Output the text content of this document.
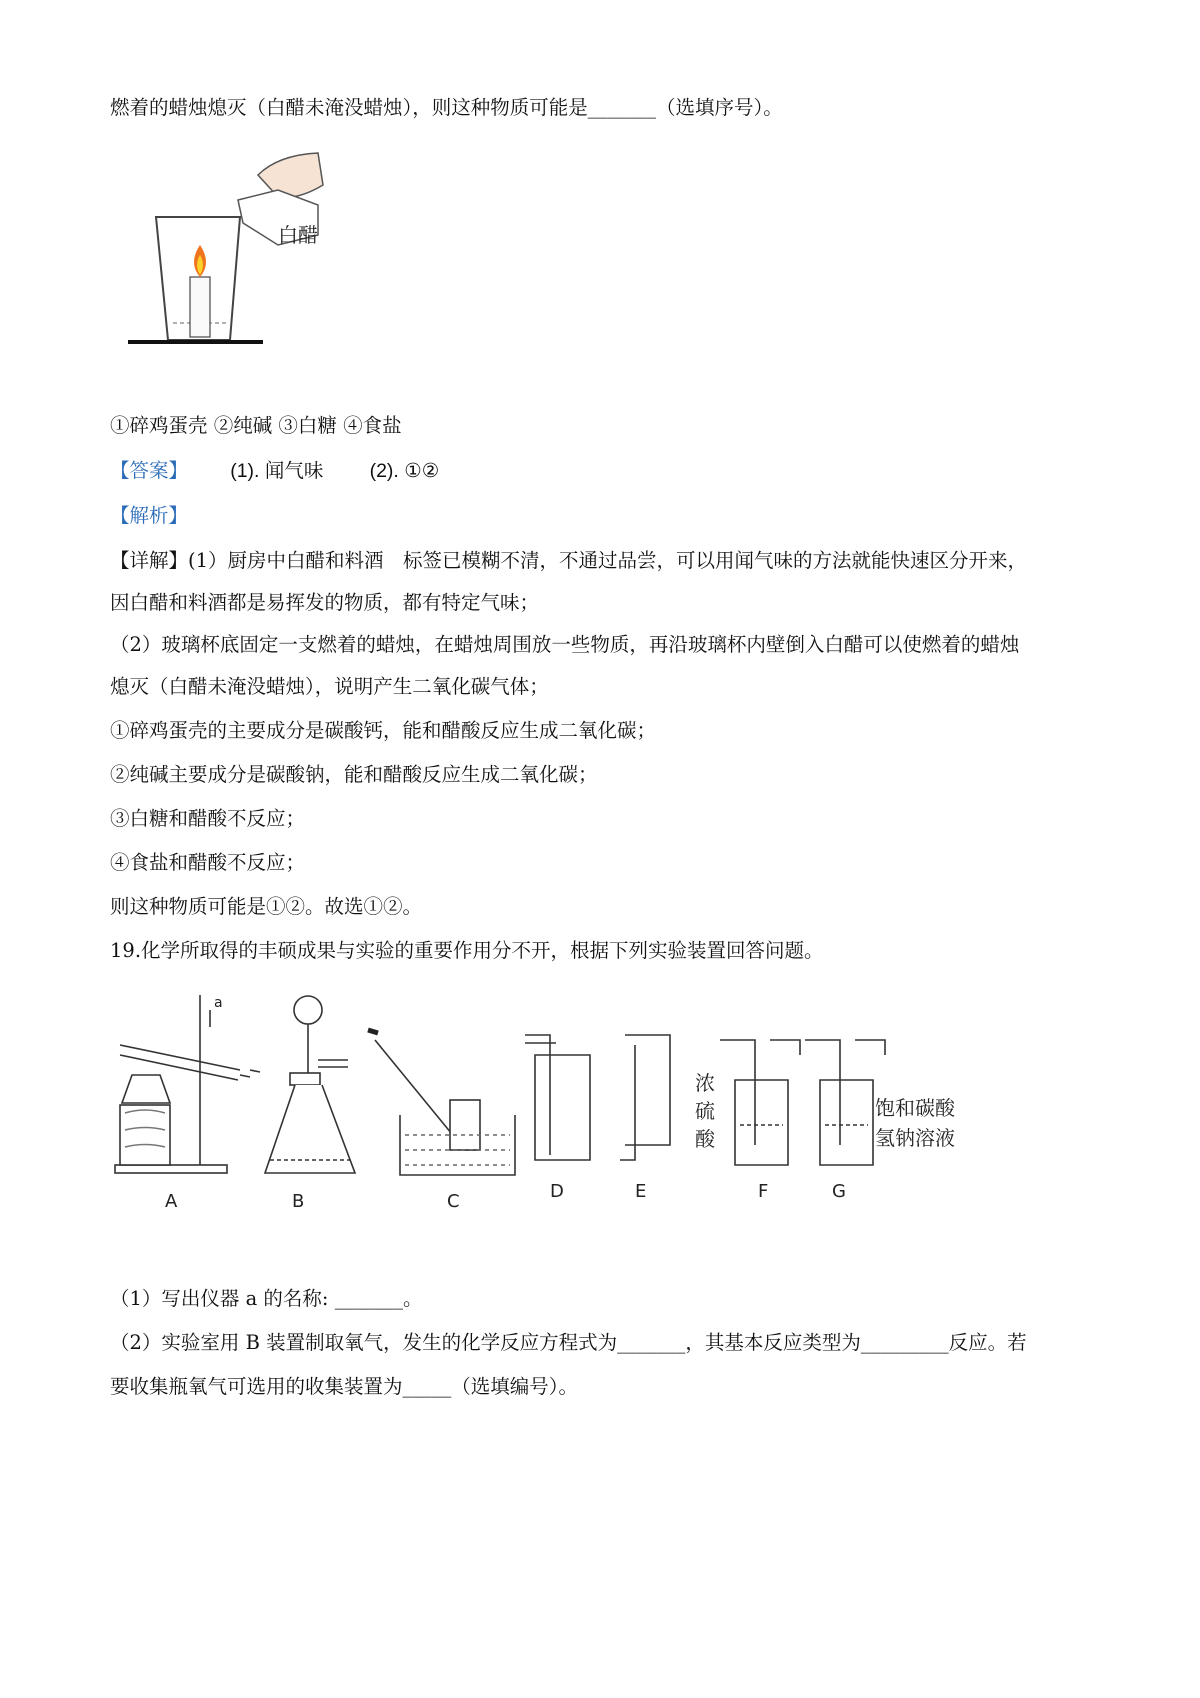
燃着的蜡烛熄灭（白醋未淹没蜡烛），则这种物质可能是_______（选填序号）。
白醋
①碎鸡蛋壳 ②纯碱 ③白糖 ④食盐
【答案】 (1). 闻气味 (2). ①②
【解析】
【详解】(1）厨房中白醋和料酒　标签已模糊不清，不通过品尝，可以用闻气味的方法就能快速区分开来，
因白醋和料酒都是易挥发的物质，都有特定气味；
（2）玻璃杯底固定一支燃着的蜡烛，在蜡烛周围放一些物质，再沿玻璃杯内壁倒入白醋可以使燃着的蜡烛
熄灭（白醋未淹没蜡烛），说明产生二氧化碳气体；
①碎鸡蛋壳的主要成分是碳酸钙，能和醋酸反应生成二氧化碳；
②纯碱主要成分是碳酸钠，能和醋酸反应生成二氧化碳；
③白糖和醋酸不反应；
④食盐和醋酸不反应；
则这种物质可能是①②。故选①②。
19.化学所取得的丰硕成果与实验的重要作用分不开，根据下列实验装置回答问题。
a
浓
硫
酸
饱和碳酸
氢钠溶液
A	B	C	D	E	F	G
（1）写出仪器 a 的名称: _______。
（2）实验室用 B 装置制取氧气，发生的化学反应方程式为_______，其基本反应类型为_________反应。若
要收集瓶氧气可选用的收集装置为_____（选填编号）。
